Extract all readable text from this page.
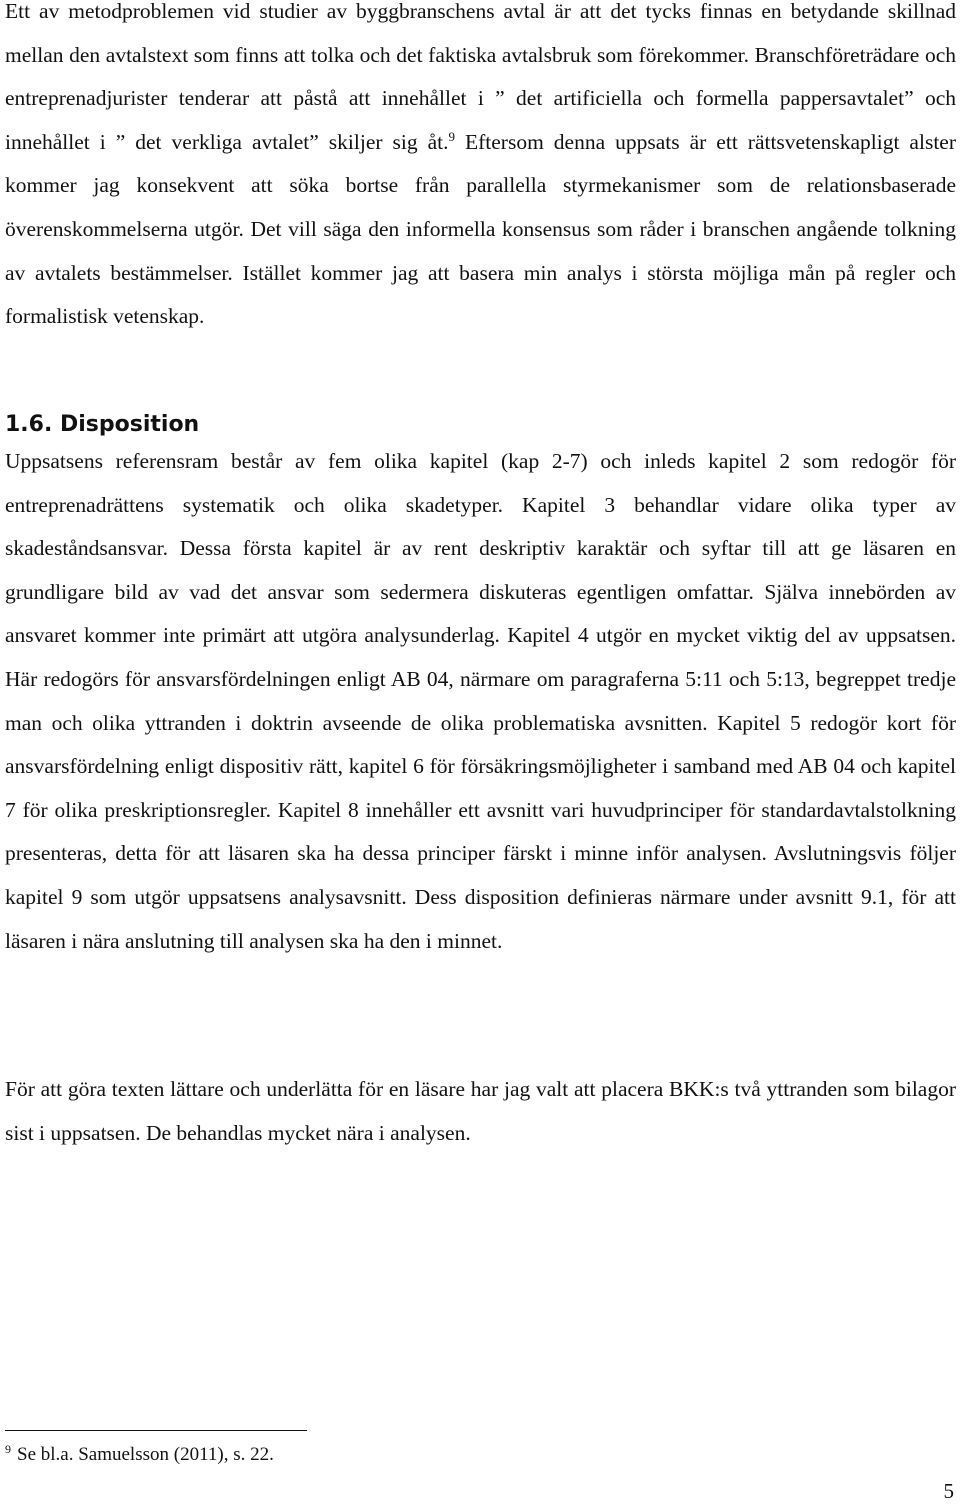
Ett av metodproblemen vid studier av byggbranschens avtal är att det tycks finnas en betydande skillnad mellan den avtalstext som finns att tolka och det faktiska avtalsbruk som förekommer. Branschföreträdare och entreprenadjurister tenderar att påstå att innehållet i ” det artificiella och formella pappersavtalet” och innehållet i ” det verkliga avtalet” skiljer sig åt.$^9$ Eftersom denna uppsats är ett rättsvetenskapligt alster kommer jag konsekvent att söka bortse från parallella styrmekanismer som de relationsbaserade överenskommelserna utgör. Det vill säga den informella konsensus som råder i branschen angående tolkning av avtalets bestämmelser. Istället kommer jag att basera min analys i största möjliga mån på regler och formalistisk vetenskap.

1.6. Disposition

Uppsatsens referensram består av fem olika kapitel (kap 2-7) och inleds kapitel 2 som redogör för entreprenadrättens systematik och olika skadetyper. Kapitel 3 behandlar vidare olika typer av skadeståndsansvar. Dessa första kapitel är av rent deskriptiv karaktär och syftar till att ge läsaren en grundligare bild av vad det ansvar som sedermera diskuteras egentligen omfattar. Själva innebörden av ansvaret kommer inte primärt att utgöra analysunderlag. Kapitel 4 utgör en mycket viktig del av uppsatsen. Här redogörs för ansvarsfördelningen enligt AB 04, närmare om paragraferna 5:11 och 5:13, begreppet tredje man och olika yttranden i doktrin avseende de olika problematiska avsnitten. Kapitel 5 redogör kort för ansvarsfördelning enligt dispositiv rätt, kapitel 6 för försäkringsmöjligheter i samband med AB 04 och kapitel 7 för olika preskriptionsregler. Kapitel 8 innehåller ett avsnitt vari huvudprinciper för standardavtalstolkning presenteras, detta för att läsaren ska ha dessa principer färskt i minne inför analysen. Avslutningsvis följer kapitel 9 som utgör uppsatsens analysavsnitt. Dess disposition definieras närmare under avsnitt 9.1, för att läsaren i nära anslutning till analysen ska ha den i minnet.

För att göra texten lättare och underlätta för en läsare har jag valt att placera BKK:s två yttranden som bilagor sist i uppsatsen. De behandlas mycket nära i analysen.

$^9$ Se bl.a. Samuelsson (2011), s. 22.

5
